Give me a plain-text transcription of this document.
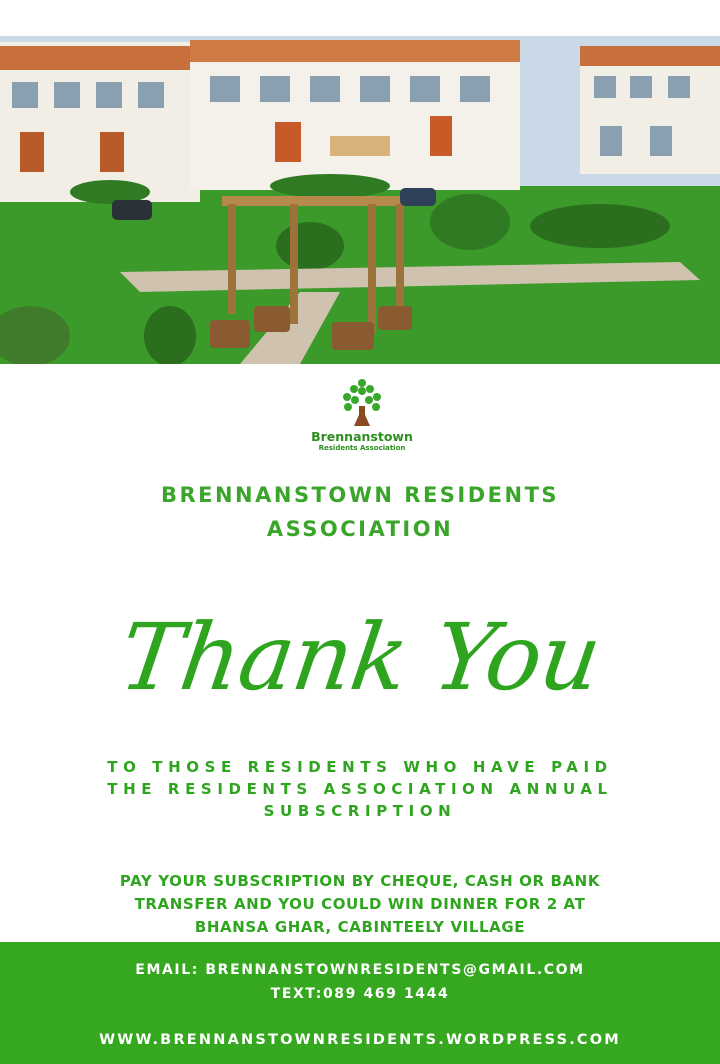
Brennanstown
Residents Association
BRENNANSTOWN RESIDENTS
ASSOCIATION
Thank You
TO THOSE RESIDENTS WHO HAVE PAID
THE RESIDENTS ASSOCIATION ANNUAL
SUBSCRIPTION
PAY YOUR SUBSCRIPTION BY CHEQUE, CASH OR BANK
TRANSFER AND YOU COULD WIN DINNER FOR 2 AT
BHANSA GHAR, CABINTEELY VILLAGE
EMAIL: BRENNANSTOWNRESIDENTS@GMAIL.COM
TEXT:089 469 1444
WWW.BRENNANSTOWNRESIDENTS.WORDPRESS.COM
